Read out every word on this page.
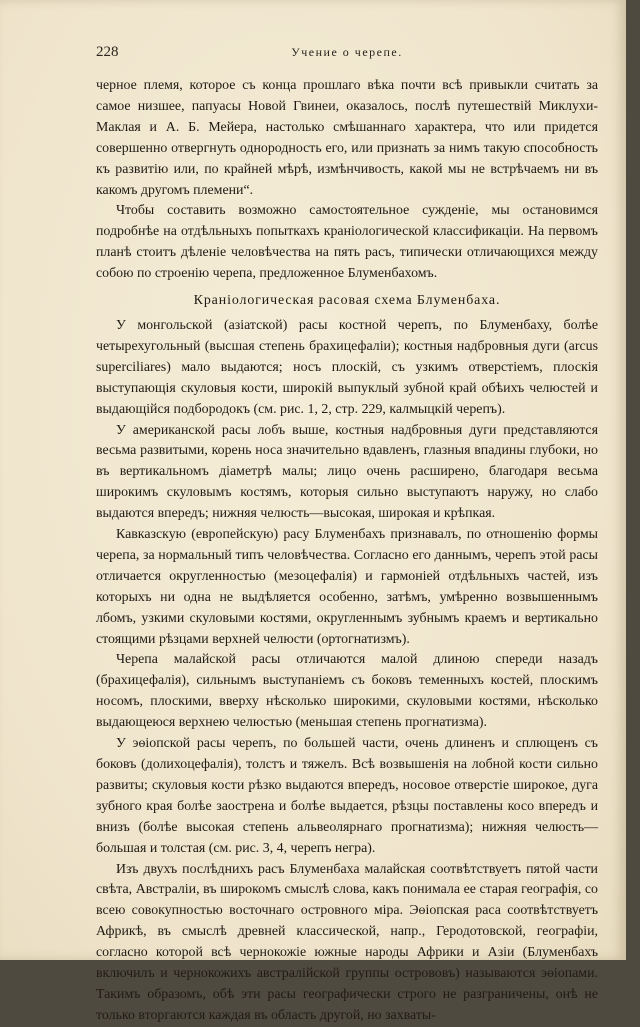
228	Учение о черепе.

черное племя, которое съ конца прошлаго вѣка почти всѣ привыкли считать за самое низшее, папуасы Новой Гвинеи, оказалось, послѣ путешествій Миклухи-Маклая и А. Б. Мейера, настолько смѣшаннаго характера, что или придется совершенно отвергнуть однородность его, или признать за нимъ такую способность къ развитію или, по крайней мѣрѣ, измѣнчивость, какой мы не встрѣчаемъ ни въ какомъ другомъ племени“.

Чтобы составить возможно самостоятельное сужденіе, мы остановимся подробнѣе на отдѣльныхъ попыткахъ краніологической классификаціи. На первомъ планѣ стоитъ дѣленіе человѣчества на пять расъ, типически отличающихся между собою по строенію черепа, предложенное Блуменбахомъ.

Краніологическая расовая схема Блуменбаха.

У монгольской (азіатской) расы костной черепъ, по Блуменбаху, болѣе четырехугольный (высшая степень брахицефаліи); костныя надбровныя дуги (arcus supercilіares) мало выдаются; носъ плоскій, съ узкимъ отверстіемъ, плоскія выступающія скуловыя кости, широкій выпуклый зубной край обѣихъ челюстей и выдающійся подбородокъ (см. рис. 1, 2, стр. 229, калмыцкій черепъ).

У американской расы лобъ выше, костныя надбровныя дуги представляются весьма развитыми, корень носа значительно вдавленъ, глазныя впадины глубоки, но въ вертикальномъ діаметрѣ малы; лицо очень расширено, благодаря весьма широкимъ скуловымъ костямъ, которыя сильно выступаютъ наружу, но слабо выдаются впередъ; нижняя челюсть—высокая, широкая и крѣпкая.

Кавказскую (европейскую) расу Блуменбахъ признавалъ, по отношенію формы черепа, за нормальный типъ человѣчества. Согласно его даннымъ, черепъ этой расы отличается округленностью (мезоцефалія) и гармоніей отдѣльныхъ частей, изъ которыхъ ни одна не выдѣляется особенно, затѣмъ, умѣренно возвышеннымъ лбомъ, узкими скуловыми костями, округленнымъ зубнымъ краемъ и вертикально стоящими рѣзцами верхней челюсти (ортогнатизмъ).

Черепа малайской расы отличаются малой длиною спереди назадъ (брахицефалія), сильнымъ выступаніемъ съ боковъ теменныхъ костей, плоскимъ носомъ, плоскими, вверху нѣсколько широкими, скуловыми костями, нѣсколько выдающеюся верхнею челюстью (меньшая степень прогнатизма).

У эѳіопской расы черепъ, по большей части, очень длиненъ и сплющенъ съ боковъ (долихоцефалія), толстъ и тяжелъ. Всѣ возвышенія на лобной кости сильно развиты; скуловыя кости рѣзко выдаются впередъ, носовое отверстіе широкое, дуга зубного края болѣе заострена и болѣе выдается, рѣзцы поставлены косо впередъ и внизъ (болѣе высокая степень альвеолярнаго прогнатизма); нижняя челюсть—большая и толстая (см. рис. 3, 4, черепъ негра).

Изъ двухъ послѣднихъ расъ Блуменбаха малайская соотвѣтствуетъ пятой части свѣта, Австраліи, въ широкомъ смыслѣ слова, какъ понимала ее старая географія, со всею совокупностью восточнаго островного міра. Эѳіопская раса соотвѣтствуетъ Африкѣ, въ смыслѣ древней классической, напр., Геродотовской, географіи, согласно которой всѣ чернокожіе южные народы Африки и Азіи (Блуменбахъ включилъ и чернокожихъ австралійской группы острововъ) называются эѳіопами. Такимъ образомъ, обѣ эти расы географически строго не разграничены, онѣ не только вторгаются каждая въ область другой, но захваты-
